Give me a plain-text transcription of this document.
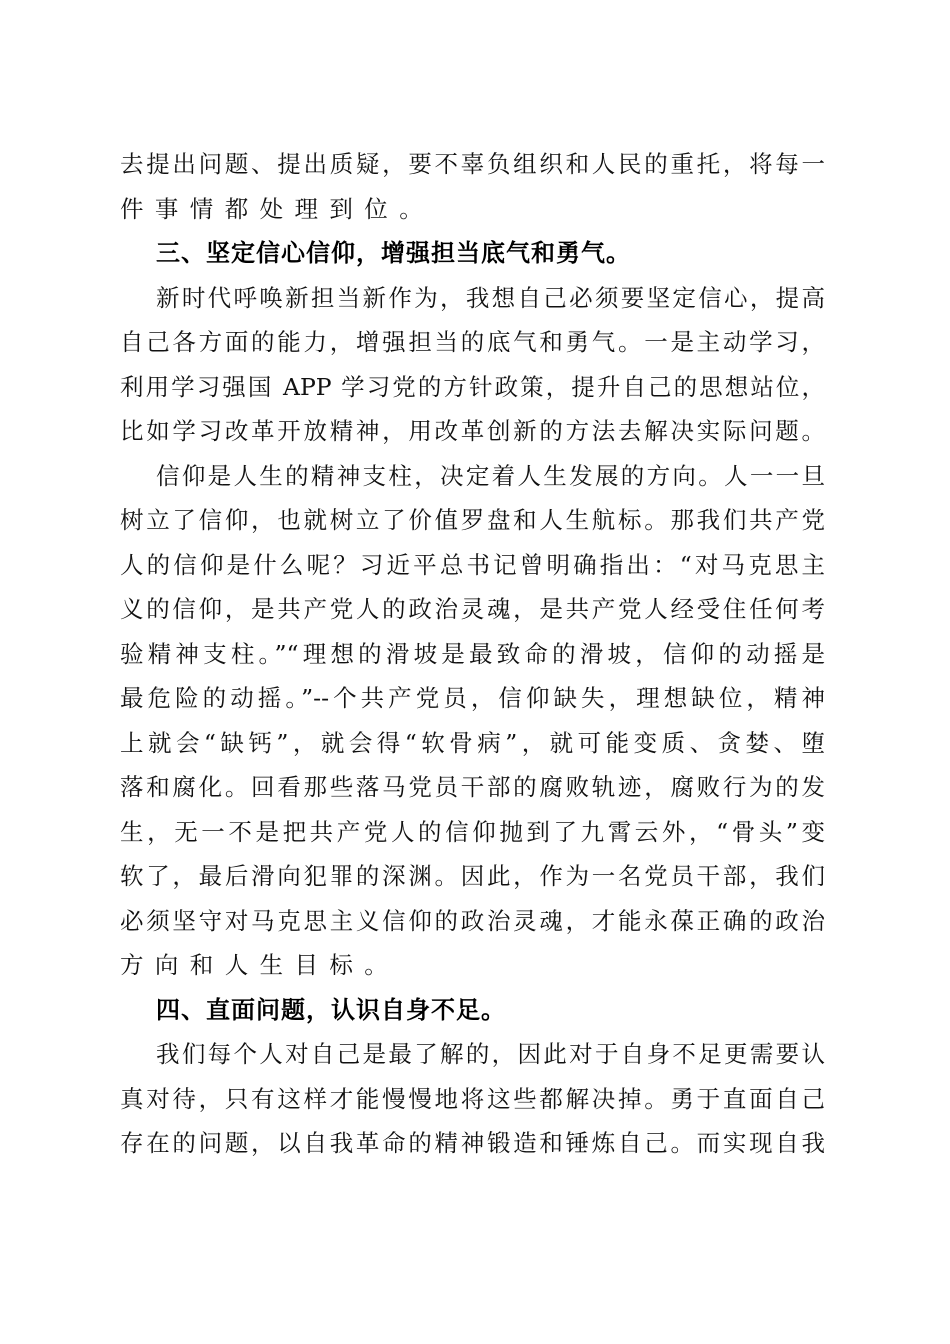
去提出问题、提出质疑，要不辜负组织和人民的重托，将每一
件事情都处理到位。
三、坚定信心信仰，增强担当底气和勇气。
新时代呼唤新担当新作为，我想自己必须要坚定信心，提高
自己各方面的能力，增强担当的底气和勇气。一是主动学习，
利用学习强国 APP 学习党的方针政策，提升自己的思想站位，
比如学习改革开放精神，用改革创新的方法去解决实际问题。
信仰是人生的精神支柱，决定着人生发展的方向。人一一旦
树立了信仰，也就树立了价值罗盘和人生航标。那我们共产党
人的信仰是什么呢？习近平总书记曾明确指出：“对马克思主
义的信仰，是共产党人的政治灵魂，是共产党人经受住任何考
验精神支柱。”“理想的滑坡是最致命的滑坡，信仰的动摇是
最危险的动摇。”--个共产党员，信仰缺失，理想缺位，精神
上就会“缺钙”，就会得“软骨病”，就可能变质、贪婪、堕
落和腐化。回看那些落马党员干部的腐败轨迹，腐败行为的发
生，无一不是把共产党人的信仰抛到了九霄云外，“骨头”变
软了，最后滑向犯罪的深渊。因此，作为一名党员干部，我们
必须坚守对马克思主义信仰的政治灵魂，才能永葆正确的政治
方向和人生目标。
四、直面问题，认识自身不足。
我们每个人对自己是最了解的，因此对于自身不足更需要认
真对待，只有这样才能慢慢地将这些都解决掉。勇于直面自己
存在的问题，以自我革命的精神锻造和锤炼自己。而实现自我
